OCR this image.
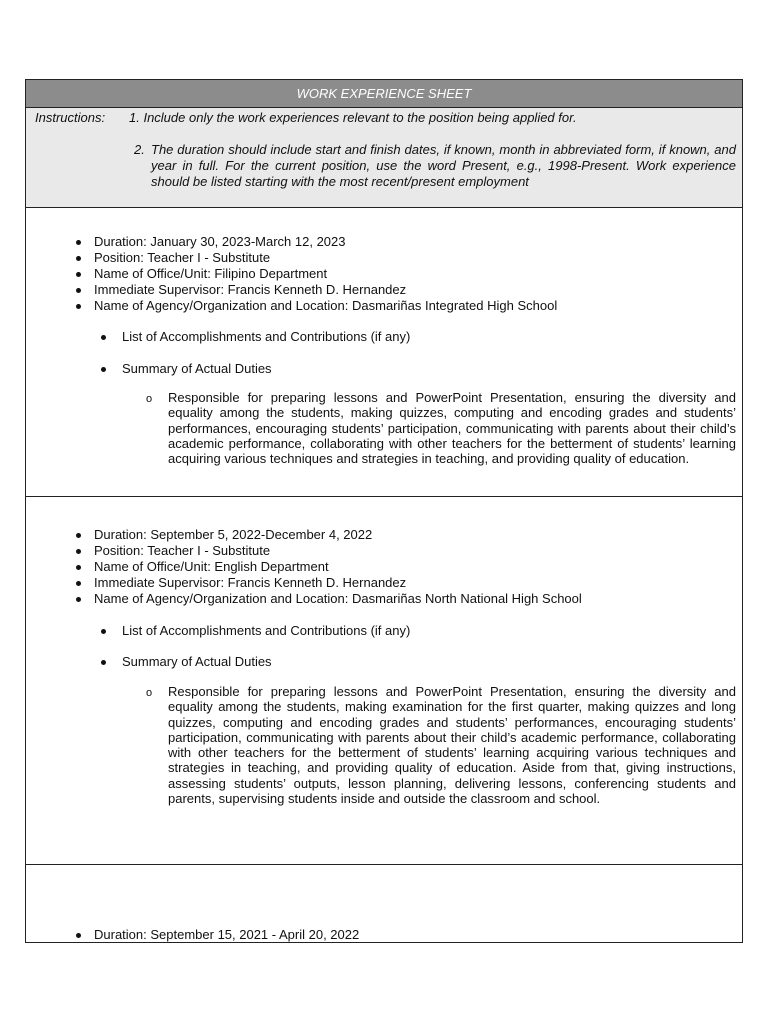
WORK EXPERIENCE SHEET
Instructions: 1. Include only the work experiences relevant to the position being applied for.
2. The duration should include start and finish dates, if known, month in abbreviated form, if known, and year in full. For the current position, use the word Present, e.g., 1998-Present. Work experience should be listed starting with the most recent/present employment
Duration: January 30, 2023-March 12, 2023
Position: Teacher I - Substitute
Name of Office/Unit: Filipino Department
Immediate Supervisor: Francis Kenneth D. Hernandez
Name of Agency/Organization and Location: Dasmariñas Integrated High School
List of Accomplishments and Contributions (if any)
Summary of Actual Duties
o Responsible for preparing lessons and PowerPoint Presentation, ensuring the diversity and equality among the students, making quizzes, computing and encoding grades and students’ performances, encouraging students’ participation, communicating with parents about their child’s academic performance, collaborating with other teachers for the betterment of students’ learning acquiring various techniques and strategies in teaching, and providing quality of education.
Duration: September 5, 2022-December 4, 2022
Position: Teacher I - Substitute
Name of Office/Unit: English Department
Immediate Supervisor: Francis Kenneth D. Hernandez
Name of Agency/Organization and Location: Dasmariñas North National High School
List of Accomplishments and Contributions (if any)
Summary of Actual Duties
o Responsible for preparing lessons and PowerPoint Presentation, ensuring the diversity and equality among the students, making examination for the first quarter, making quizzes and long quizzes, computing and encoding grades and students’ performances, encouraging students’ participation, communicating with parents about their child’s academic performance, collaborating with other teachers for the betterment of students’ learning acquiring various techniques and strategies in teaching, and providing quality of education. Aside from that, giving instructions, assessing students’ outputs, lesson planning, delivering lessons, conferencing students and parents, supervising students inside and outside the classroom and school.
Duration: September 15, 2021 - April 20, 2022
